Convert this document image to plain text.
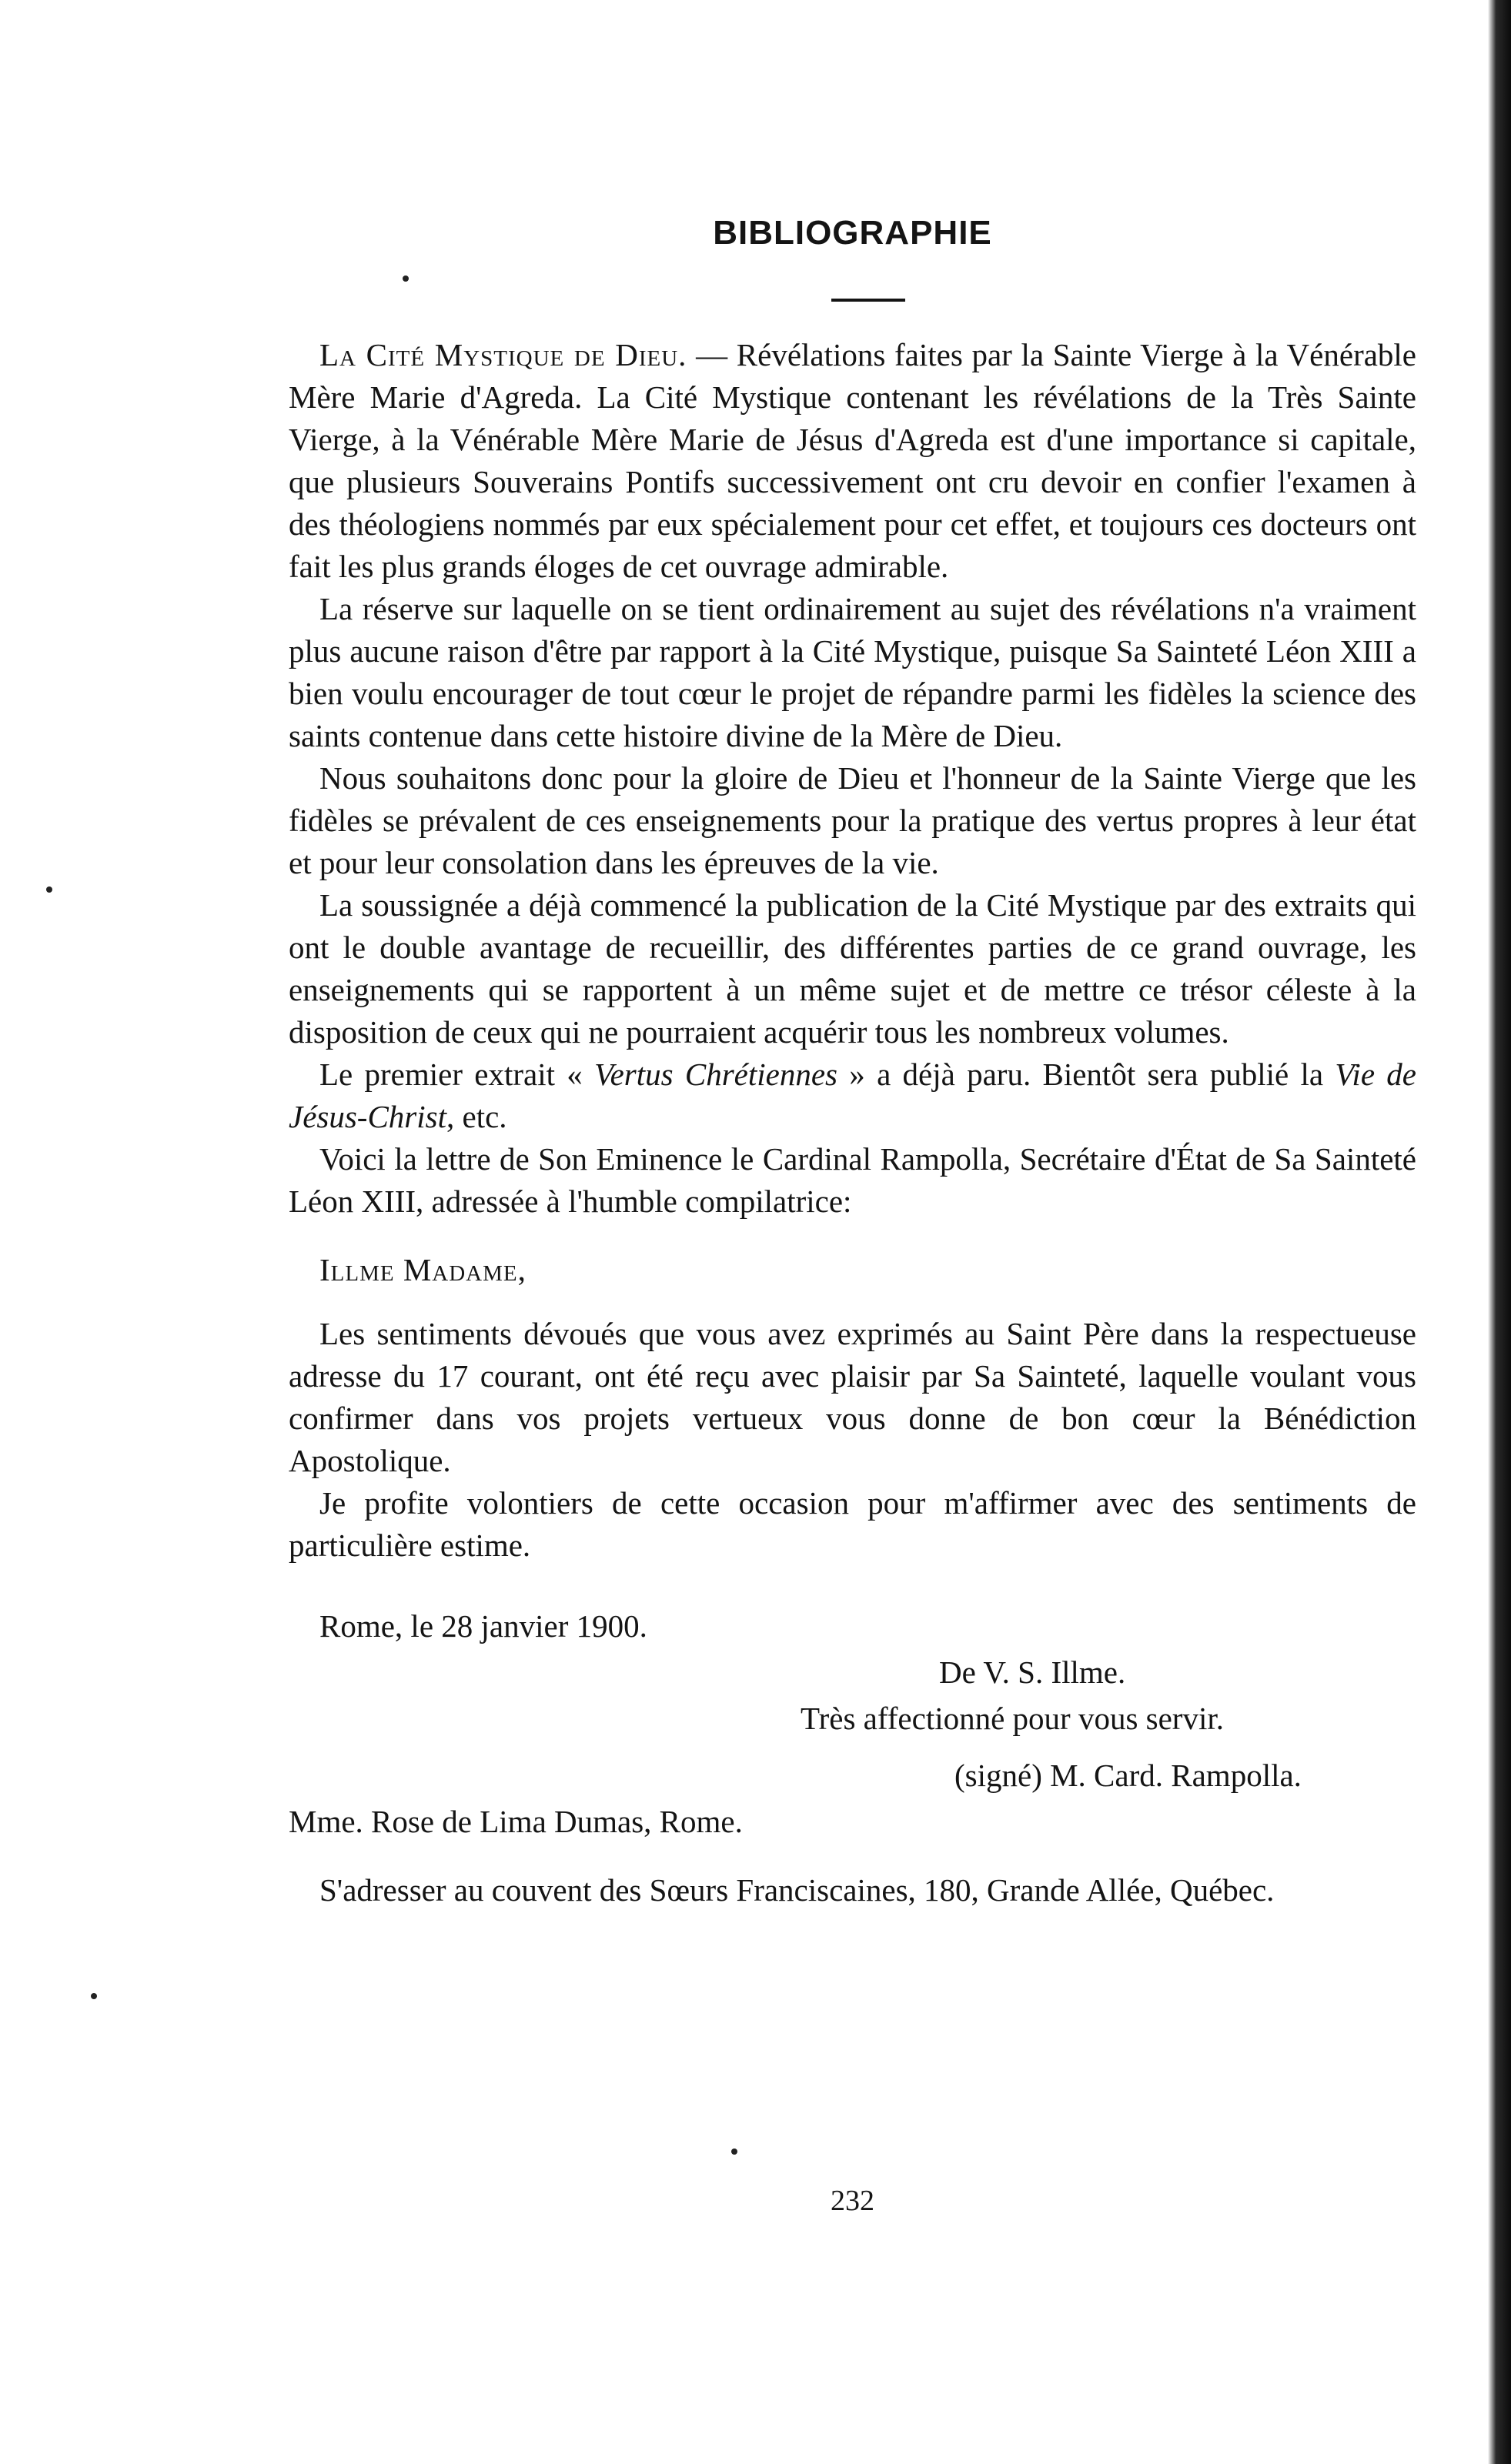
BIBLIOGRAPHIE

La Cité Mystique de Dieu. — Révélations faites par la Sainte Vierge à la Vénérable Mère Marie d'Agreda. La Cité Mystique contenant les révélations de la Très Sainte Vierge, à la Vénérable Mère Marie de Jésus d'Agreda est d'une importance si capitale, que plusieurs Souverains Pontifs successivement ont cru devoir en confier l'examen à des théologiens nommés par eux spécialement pour cet effet, et toujours ces docteurs ont fait les plus grands éloges de cet ouvrage admirable.

La réserve sur laquelle on se tient ordinairement au sujet des révélations n'a vraiment plus aucune raison d'être par rapport à la Cité Mystique, puisque Sa Sainteté Léon XIII a bien voulu encourager de tout cœur le projet de répandre parmi les fidèles la science des saints contenue dans cette histoire divine de la Mère de Dieu.

Nous souhaitons donc pour la gloire de Dieu et l'honneur de la Sainte Vierge que les fidèles se prévalent de ces enseignements pour la pratique des vertus propres à leur état et pour leur consolation dans les épreuves de la vie.

La soussignée a déjà commencé la publication de la Cité Mystique par des extraits qui ont le double avantage de recueillir, des différentes parties de ce grand ouvrage, les enseignements qui se rapportent à un même sujet et de mettre ce trésor céleste à la disposition de ceux qui ne pourraient acquérir tous les nombreux volumes.

Le premier extrait « Vertus Chrétiennes » a déjà paru. Bientôt sera publié la Vie de Jésus-Christ, etc.

Voici la lettre de Son Eminence le Cardinal Rampolla, Secrétaire d'État de Sa Sainteté Léon XIII, adressée à l'humble compilatrice:

Illme Madame,

Les sentiments dévoués que vous avez exprimés au Saint Père dans la respectueuse adresse du 17 courant, ont été reçu avec plaisir par Sa Sainteté, laquelle voulant vous confirmer dans vos projets vertueux vous donne de bon cœur la Bénédiction Apostolique.

Je profite volontiers de cette occasion pour m'affirmer avec des sentiments de particulière estime.

Rome, le 28 janvier 1900.
De V. S. Illme.
Très affectionné pour vous servir.
(signé) M. Card. Rampolla.

Mme. Rose de Lima Dumas, Rome.

S'adresser au couvent des Sœurs Franciscaines, 180, Grande Allée, Québec.

232
